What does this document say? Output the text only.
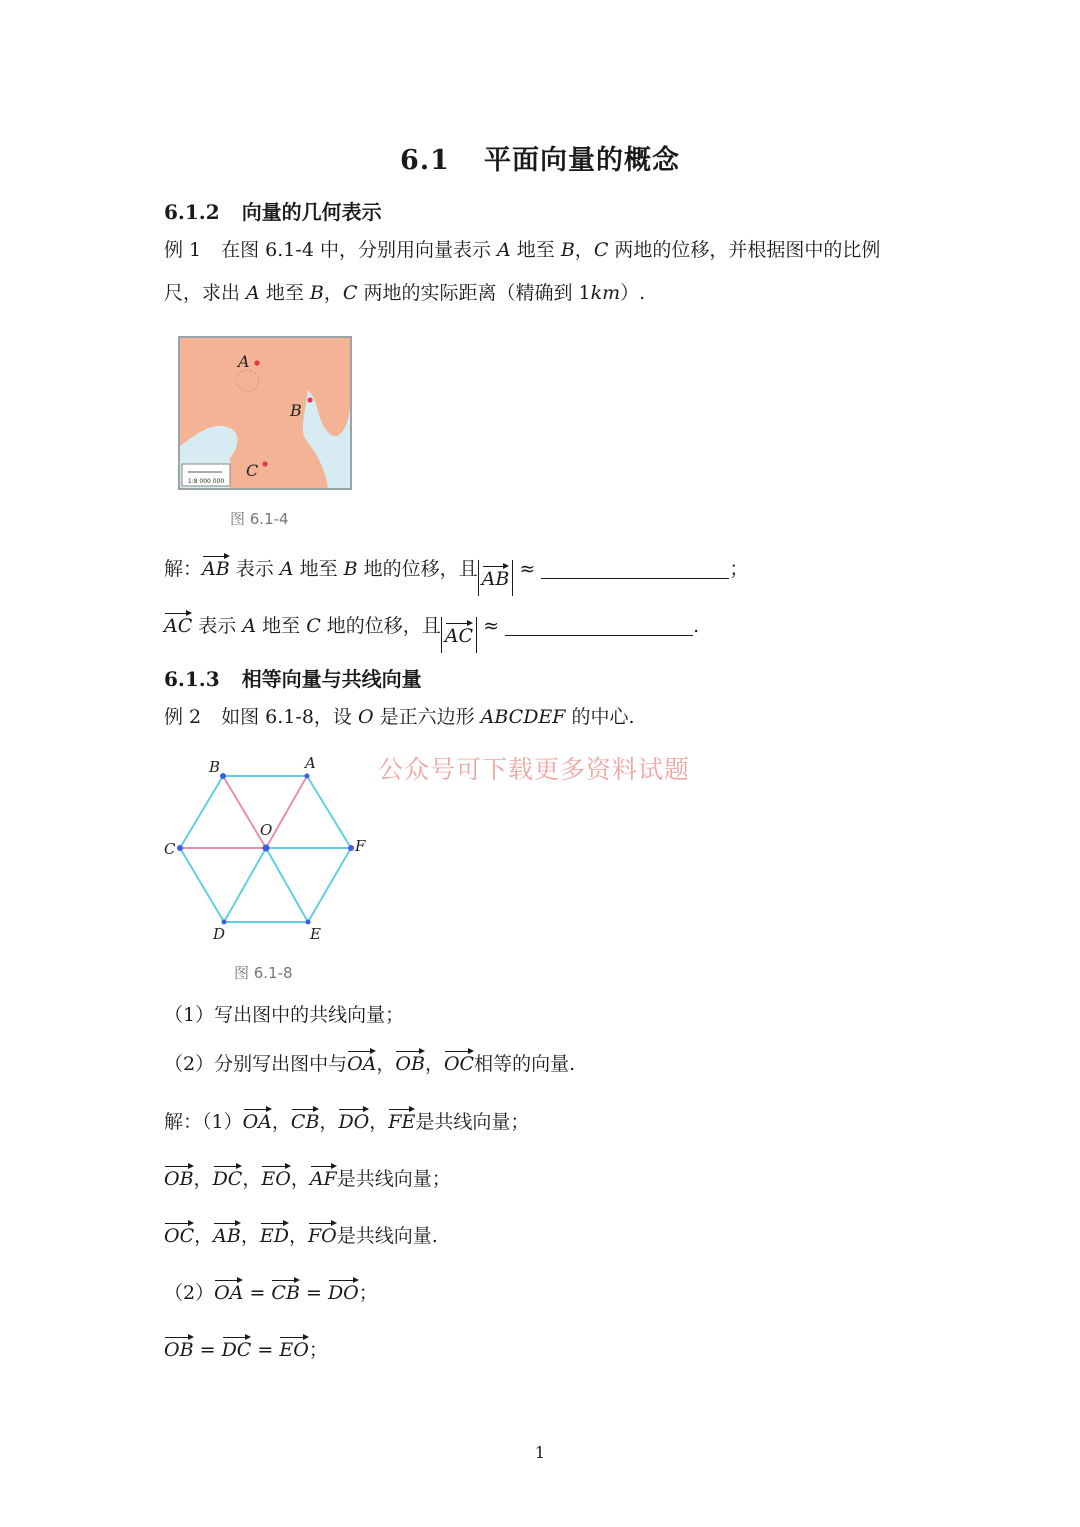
6.1 平面向量的概念
6.1.2 向量的几何表示
例 1 在图 6.1-4 中，分别用向量表示 A 地至 B，C 两地的位移，并根据图中的比例
尺，求出 A 地至 B，C 两地的实际距离（精确到 1km）.
1:8 000 000
A
B
C
图 6.1-4
解：AB 表示 A 地至 B 地的位移，且 AB ≈	；
AC 表示 A 地至 C 地的位移，且 AC ≈	.
6.1.3 相等向量与共线向量
例 2 如图 6.1-8，设 O 是正六边形 ABCDEF 的中心.
公众号可下载更多资料试题
B	A
C	F
O
D	E
图 6.1-8
（1）写出图中的共线向量；
（2）分别写出图中与OA，OB，OC相等的向量.
解：（1）OA，CB，DO，FE是共线向量；
OB，DC，EO，AF是共线向量；
OC，AB，ED，FO是共线向量.
（2）OA = CB = DO；
OB = DC = EO；
1
